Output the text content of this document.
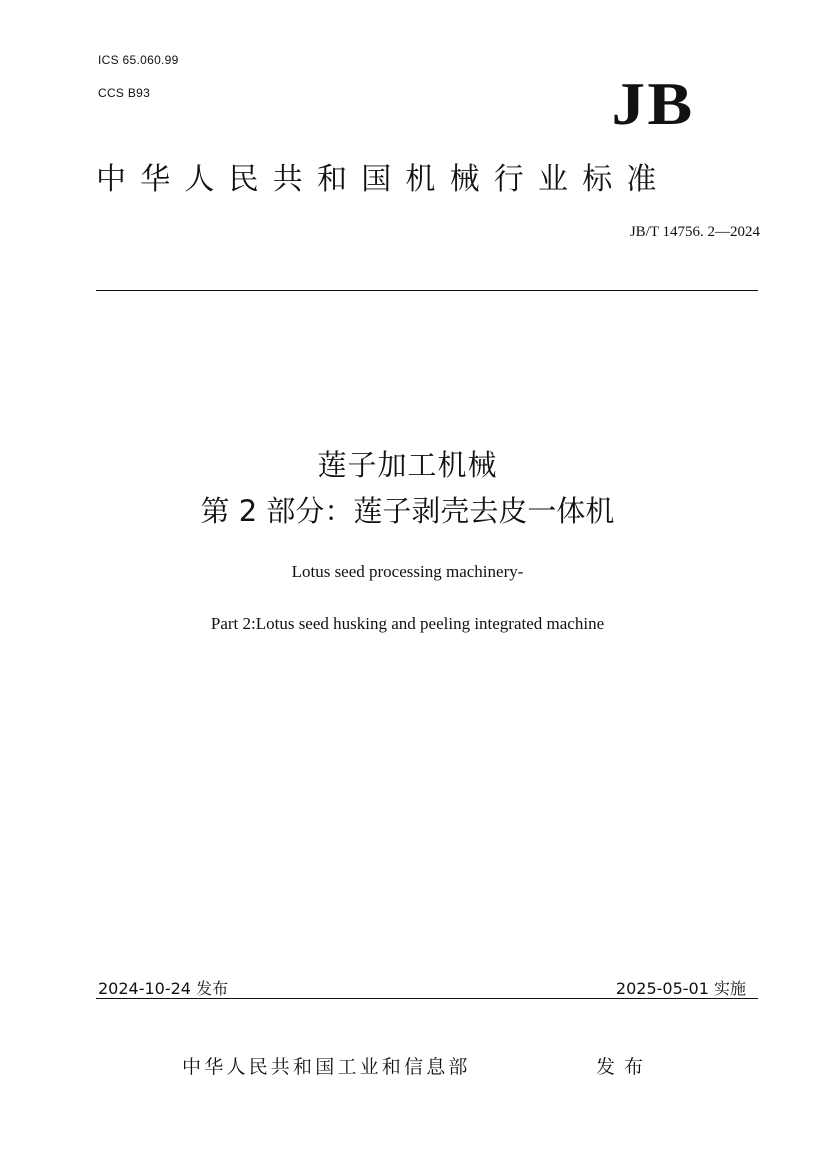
ICS 65.060.99
CCS B93	JB
中华人民共和国机械行业标准
JB/T 14756. 2—2024
莲子加工机械
第 2 部分：莲子剥壳去皮一体机
Lotus seed processing machinery-
Part 2:Lotus seed husking and peeling integrated machine
2024-10-24 发布	2025-05-01 实施
中华人民共和国工业和信息部	发布
